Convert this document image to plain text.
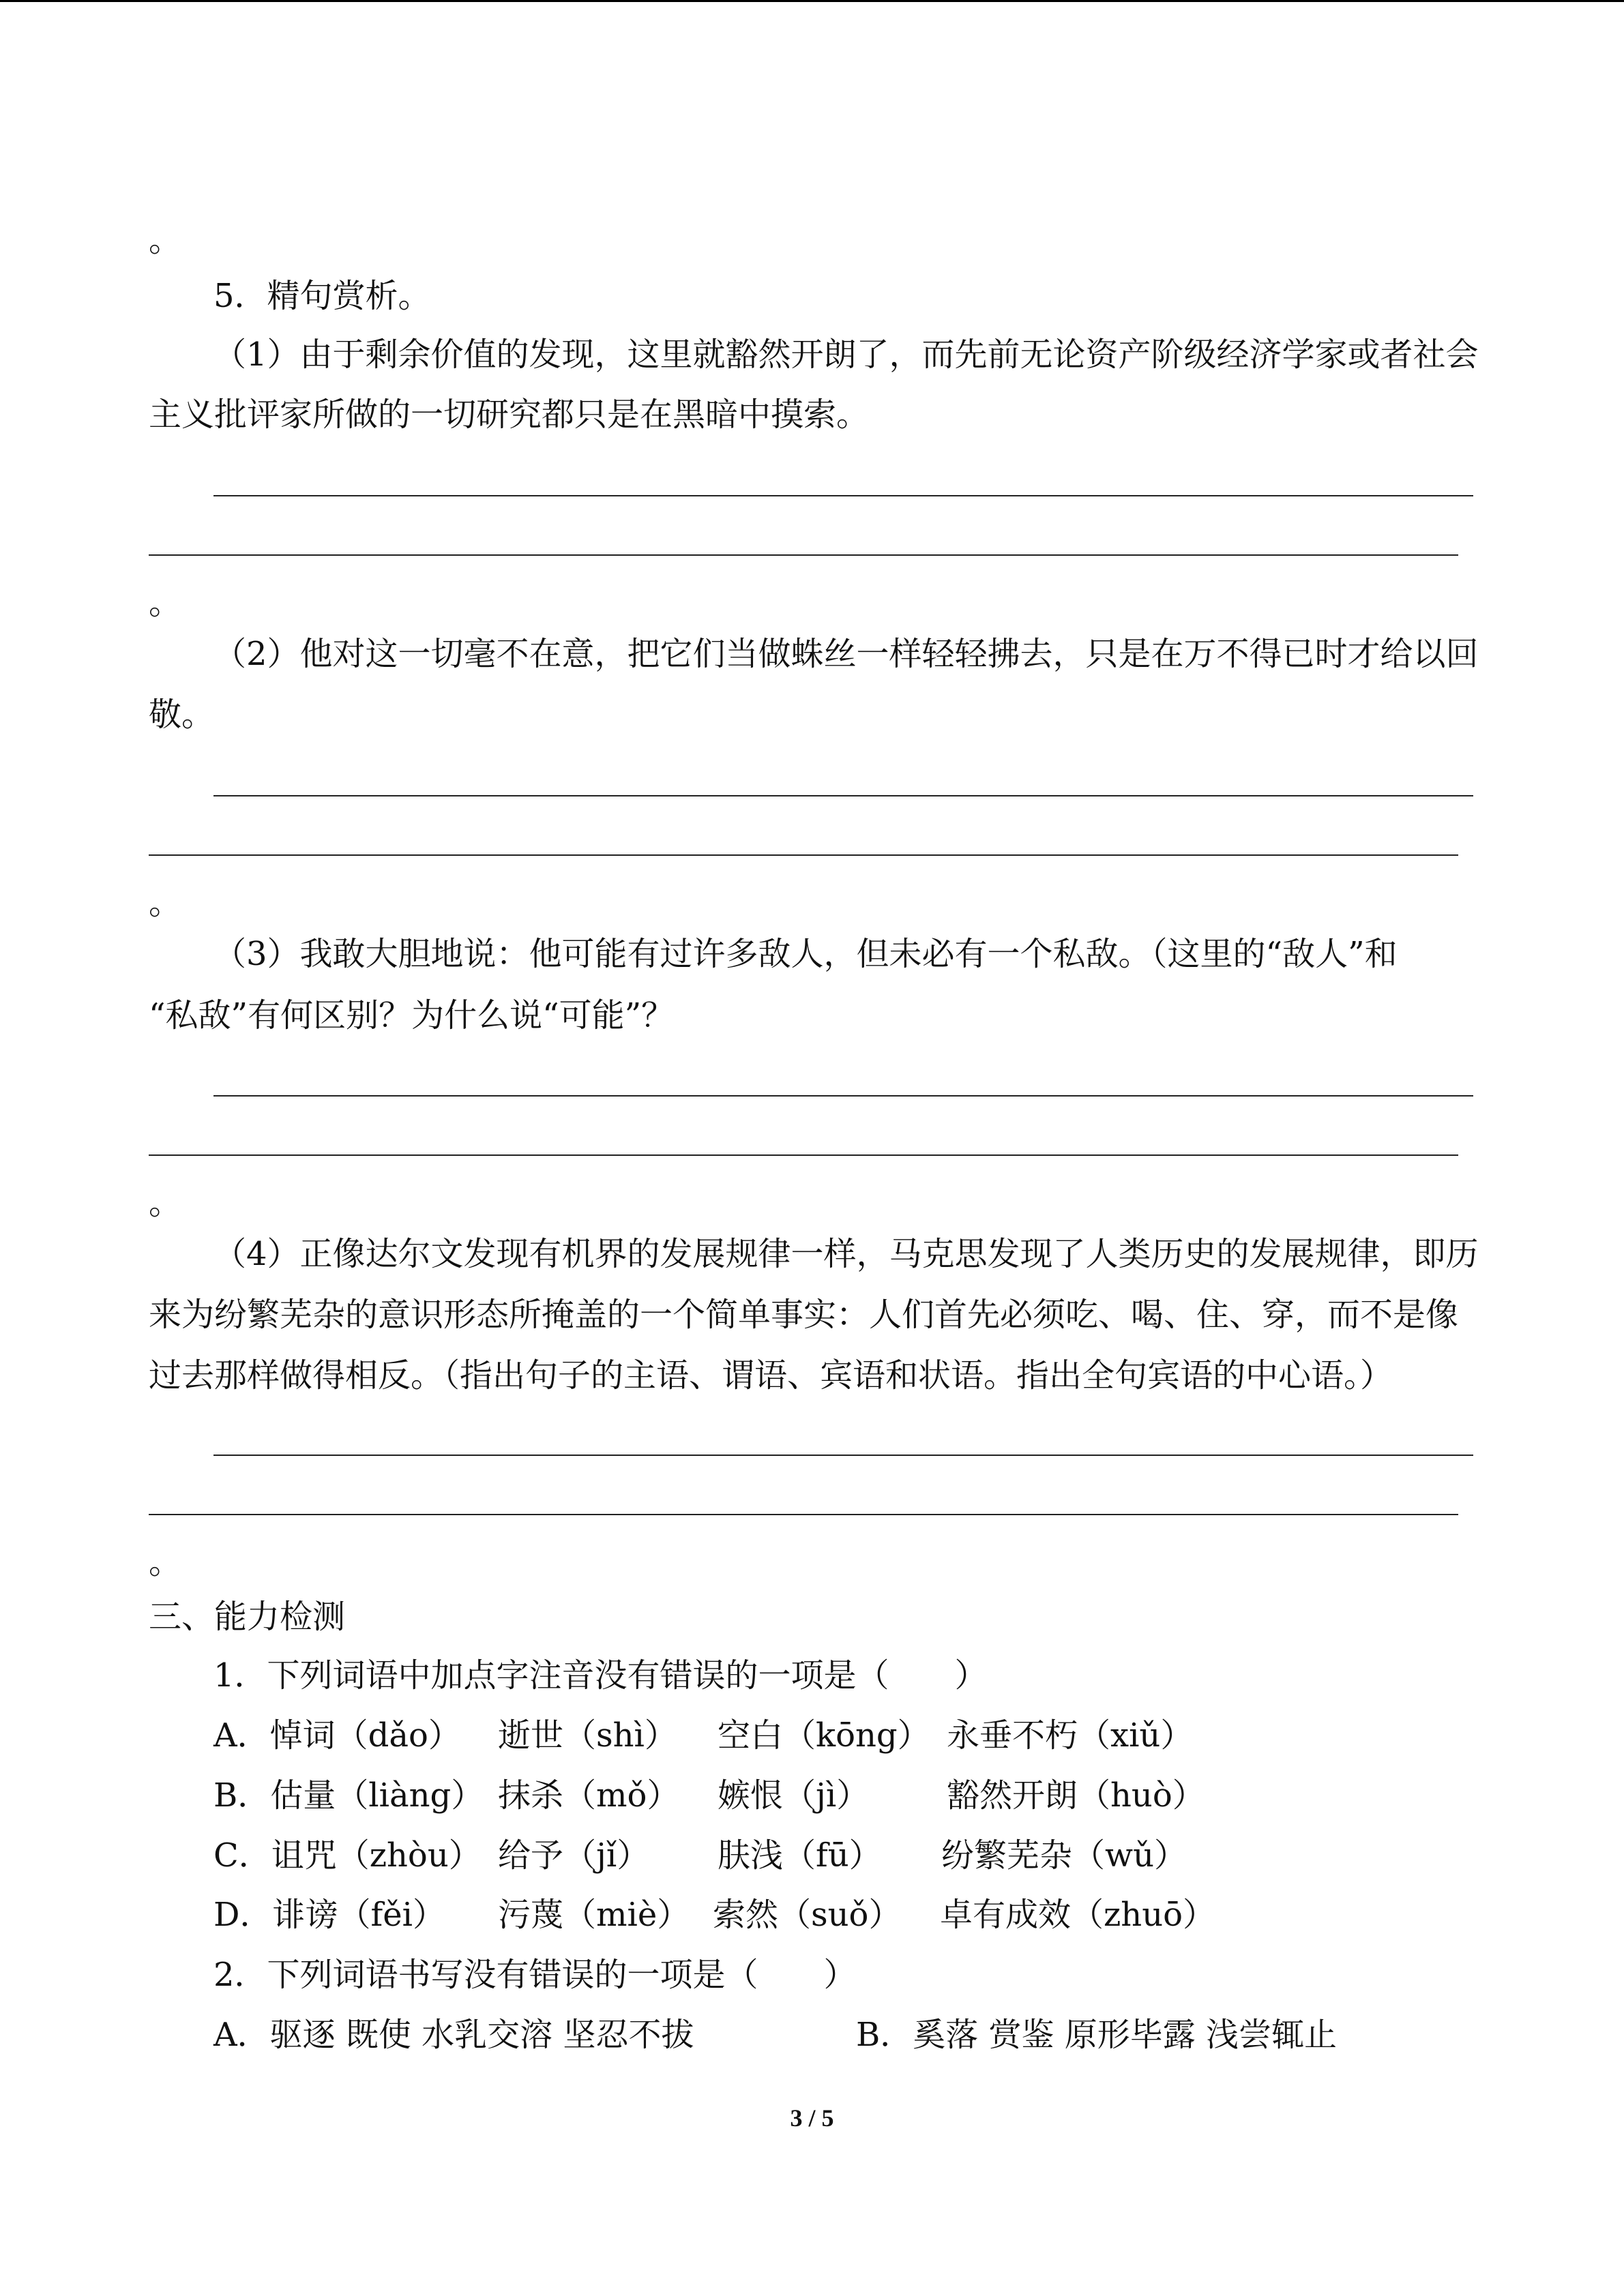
。
5．精句赏析。
（1）由于剩余价值的发现，这里就豁然开朗了，而先前无论资产阶级经济学家或者社会
主义批评家所做的一切研究都只是在黑暗中摸索。
。
（2）他对这一切毫不在意，把它们当做蛛丝一样轻轻拂去，只是在万不得已时才给以回
敬。
。
（3）我敢大胆地说：他可能有过许多敌人，但未必有一个私敌。（这里的“敌人”和
“私敌”有何区别？为什么说“可能”？
。
（4）正像达尔文发现有机界的发展规律一样，马克思发现了人类历史的发展规律，即历
来为纷繁芜杂的意识形态所掩盖的一个简单事实：人们首先必须吃、喝、住、穿，而不是像
过去那样做得相反。（指出句子的主语、谓语、宾语和状语。指出全句宾语的中心语。）
。
三、能力检测
1．下列词语中加点字注音没有错误的一项是（　　）
A．悼词（dǎo） 逝世（shì） 空白（kōng） 永垂不朽（xiǔ）
B．估量（liàng） 抹杀（mǒ） 嫉恨（jì） 豁然开朗（huò）
C．诅咒（zhòu） 给予（jǐ） 肤浅（fū） 纷繁芜杂（wǔ）
D．诽谤（fěi） 污蔑（miè） 索然（suǒ） 卓有成效（zhuō）
2．下列词语书写没有错误的一项是（　　）
A．驱逐 既使 水乳交溶 坚忍不拔	B．奚落 赏鉴 原形毕露 浅尝辄止
3 / 5
